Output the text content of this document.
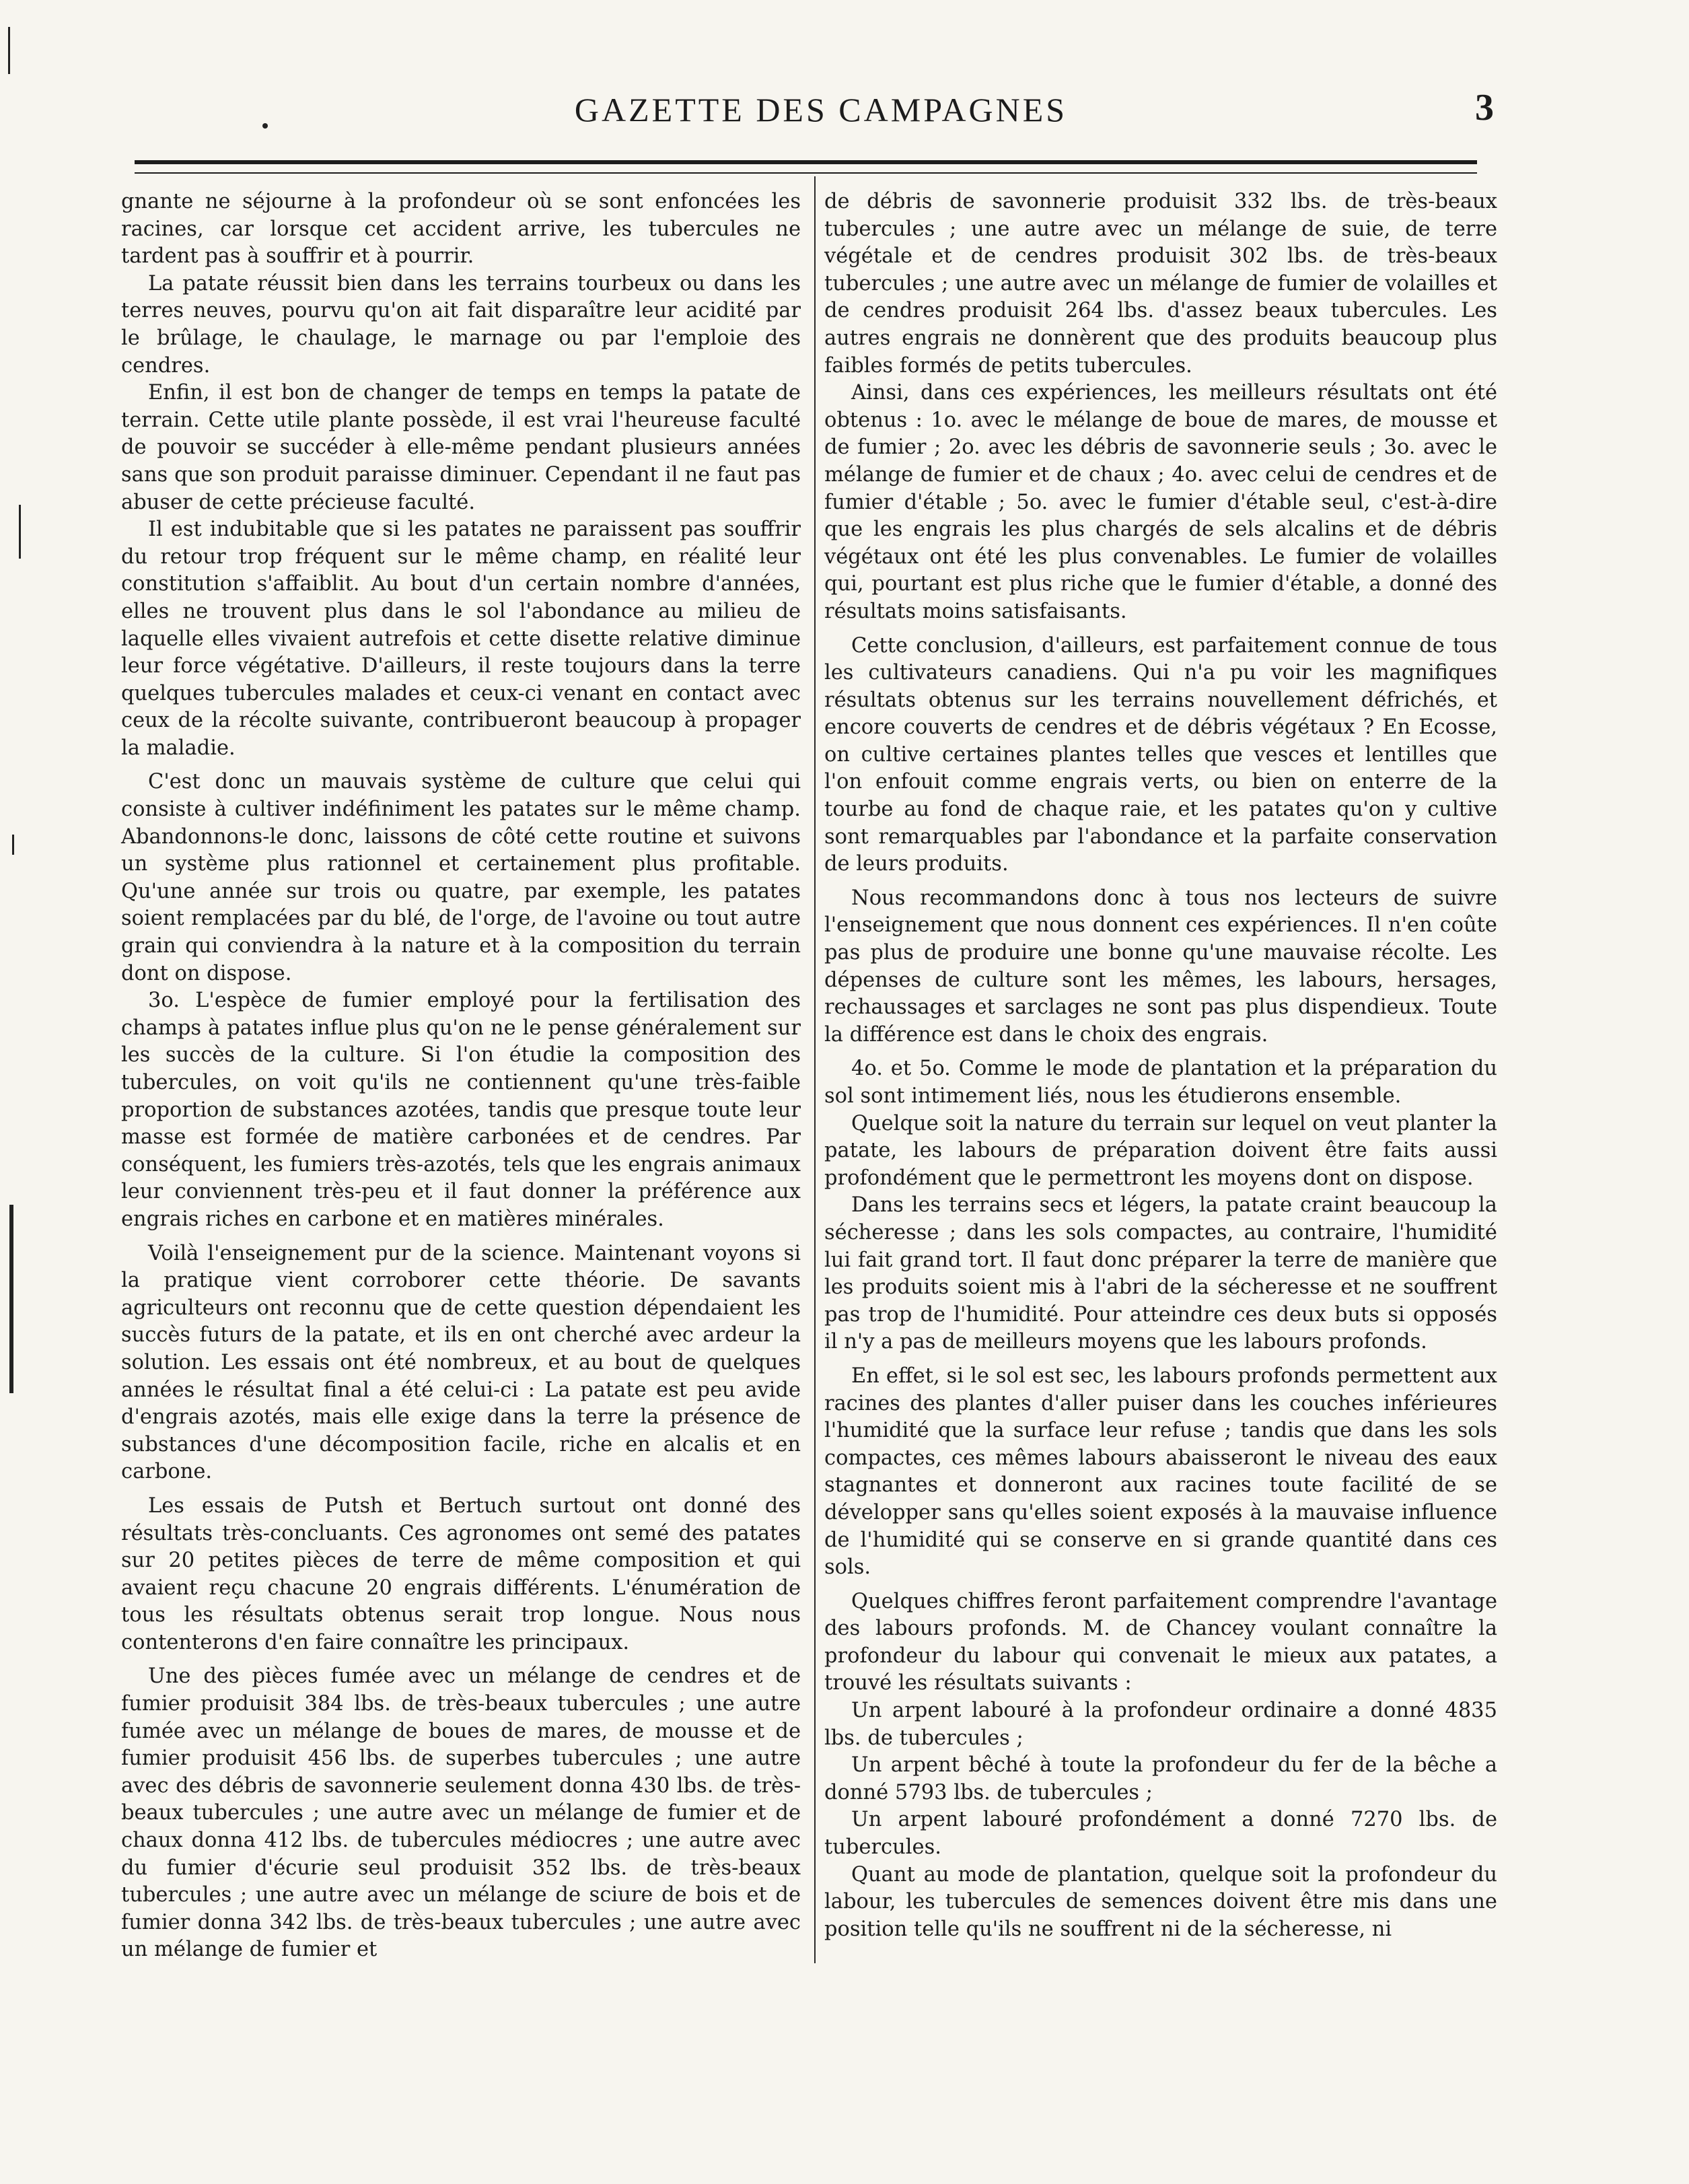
GAZETTE DES CAMPAGNES	3

gnante ne séjourne à la profondeur où se sont enfoncées les racines, car lorsque cet accident arrive, les tubercules ne tardent pas à souffrir et à pourrir.

La patate réussit bien dans les terrains tourbeux ou dans les terres neuves, pourvu qu'on ait fait disparaître leur acidité par le brûlage, le chaulage, le marnage ou par l'emploie des cendres.

Enfin, il est bon de changer de temps en temps la patate de terrain. Cette utile plante possède, il est vrai l'heureuse faculté de pouvoir se succéder à elle-même pendant plusieurs années sans que son produit paraisse diminuer. Cependant il ne faut pas abuser de cette précieuse faculté.

Il est indubitable que si les patates ne paraissent pas souffrir du retour trop fréquent sur le même champ, en réalité leur constitution s'affaiblit. Au bout d'un certain nombre d'années, elles ne trouvent plus dans le sol l'abondance au milieu de laquelle elles vivaient autrefois et cette disette relative diminue leur force végétative. D'ailleurs, il reste toujours dans la terre quelques tubercules malades et ceux-ci venant en contact avec ceux de la récolte suivante, contribueront beaucoup à propager la maladie.

C'est donc un mauvais système de culture que celui qui consiste à cultiver indéfiniment les patates sur le même champ. Abandonnons-le donc, laissons de côté cette routine et suivons un système plus rationnel et certainement plus profitable. Qu'une année sur trois ou quatre, par exemple, les patates soient remplacées par du blé, de l'orge, de l'avoine ou tout autre grain qui conviendra à la nature et à la composition du terrain dont on dispose.

3o. L'espèce de fumier employé pour la fertilisation des champs à patates influe plus qu'on ne le pense généralement sur les succès de la culture. Si l'on étudie la composition des tubercules, on voit qu'ils ne contiennent qu'une très-faible proportion de substances azotées, tandis que presque toute leur masse est formée de matière carbonées et de cendres. Par conséquent, les fumiers très-azotés, tels que les engrais animaux leur conviennent très-peu et il faut donner la préférence aux engrais riches en carbone et en matières minérales.

Voilà l'enseignement pur de la science. Maintenant voyons si la pratique vient corroborer cette théorie. De savants agriculteurs ont reconnu que de cette question dépendaient les succès futurs de la patate, et ils en ont cherché avec ardeur la solution. Les essais ont été nombreux, et au bout de quelques années le résultat final a été celui-ci : La patate est peu avide d'engrais azotés, mais elle exige dans la terre la présence de substances d'une décomposition facile, riche en alcalis et en carbone.

Les essais de Putsh et Bertuch surtout ont donné des résultats très-concluants. Ces agronomes ont semé des patates sur 20 petites pièces de terre de même composition et qui avaient reçu chacune 20 engrais différents. L'énumération de tous les résultats obtenus serait trop longue. Nous nous contenterons d'en faire connaître les principaux.

Une des pièces fumée avec un mélange de cendres et de fumier produisit 384 lbs. de très-beaux tubercules ; une autre fumée avec un mélange de boues de mares, de mousse et de fumier produisit 456 lbs. de superbes tubercules ; une autre avec des débris de savonnerie seulement donna 430 lbs. de très-beaux tubercules ; une autre avec un mélange de fumier et de chaux donna 412 lbs. de tubercules médiocres ; une autre avec du fumier d'écurie seul produisit 352 lbs. de très-beaux tubercules ; une autre avec un mélange de sciure de bois et de fumier donna 342 lbs. de très-beaux tubercules ; une autre avec un mélange de fumier et

de débris de savonnerie produisit 332 lbs. de très-beaux tubercules ; une autre avec un mélange de suie, de terre végétale et de cendres produisit 302 lbs. de très-beaux tubercules ; une autre avec un mélange de fumier de volailles et de cendres produisit 264 lbs. d'assez beaux tubercules. Les autres engrais ne donnèrent que des produits beaucoup plus faibles formés de petits tubercules.

Ainsi, dans ces expériences, les meilleurs résultats ont été obtenus : 1o. avec le mélange de boue de mares, de mousse et de fumier ; 2o. avec les débris de savonnerie seuls ; 3o. avec le mélange de fumier et de chaux ; 4o. avec celui de cendres et de fumier d'étable ; 5o. avec le fumier d'étable seul, c'est-à-dire que les engrais les plus chargés de sels alcalins et de débris végétaux ont été les plus convenables. Le fumier de volailles qui, pourtant est plus riche que le fumier d'étable, a donné des résultats moins satisfaisants.

Cette conclusion, d'ailleurs, est parfaitement connue de tous les cultivateurs canadiens. Qui n'a pu voir les magnifiques résultats obtenus sur les terrains nouvellement défrichés, et encore couverts de cendres et de débris végétaux ? En Ecosse, on cultive certaines plantes telles que vesces et lentilles que l'on enfouit comme engrais verts, ou bien on enterre de la tourbe au fond de chaque raie, et les patates qu'on y cultive sont remarquables par l'abondance et la parfaite conservation de leurs produits.

Nous recommandons donc à tous nos lecteurs de suivre l'enseignement que nous donnent ces expériences. Il n'en coûte pas plus de produire une bonne qu'une mauvaise récolte. Les dépenses de culture sont les mêmes, les labours, hersages, rechaussages et sarclages ne sont pas plus dispendieux. Toute la différence est dans le choix des engrais.

4o. et 5o. Comme le mode de plantation et la préparation du sol sont intimement liés, nous les étudierons ensemble.

Quelque soit la nature du terrain sur lequel on veut planter la patate, les labours de préparation doivent être faits aussi profondément que le permettront les moyens dont on dispose.

Dans les terrains secs et légers, la patate craint beaucoup la sécheresse ; dans les sols compactes, au contraire, l'humidité lui fait grand tort. Il faut donc préparer la terre de manière que les produits soient mis à l'abri de la sécheresse et ne souffrent pas trop de l'humidité. Pour atteindre ces deux buts si opposés il n'y a pas de meilleurs moyens que les labours profonds.

En effet, si le sol est sec, les labours profonds permettent aux racines des plantes d'aller puiser dans les couches inférieures l'humidité que la surface leur refuse ; tandis que dans les sols compactes, ces mêmes labours abaisseront le niveau des eaux stagnantes et donneront aux racines toute facilité de se développer sans qu'elles soient exposés à la mauvaise influence de l'humidité qui se conserve en si grande quantité dans ces sols.

Quelques chiffres feront parfaitement comprendre l'avantage des labours profonds. M. de Chancey voulant connaître la profondeur du labour qui convenait le mieux aux patates, a trouvé les résultats suivants :

Un arpent labouré à la profondeur ordinaire a donné 4835 lbs. de tubercules ;

Un arpent bêché à toute la profondeur du fer de la bêche a donné 5793 lbs. de tubercules ;

Un arpent labouré profondément a donné 7270 lbs. de tubercules.

Quant au mode de plantation, quelque soit la profondeur du labour, les tubercules de semences doivent être mis dans une position telle qu'ils ne souffrent ni de la sécheresse, ni
